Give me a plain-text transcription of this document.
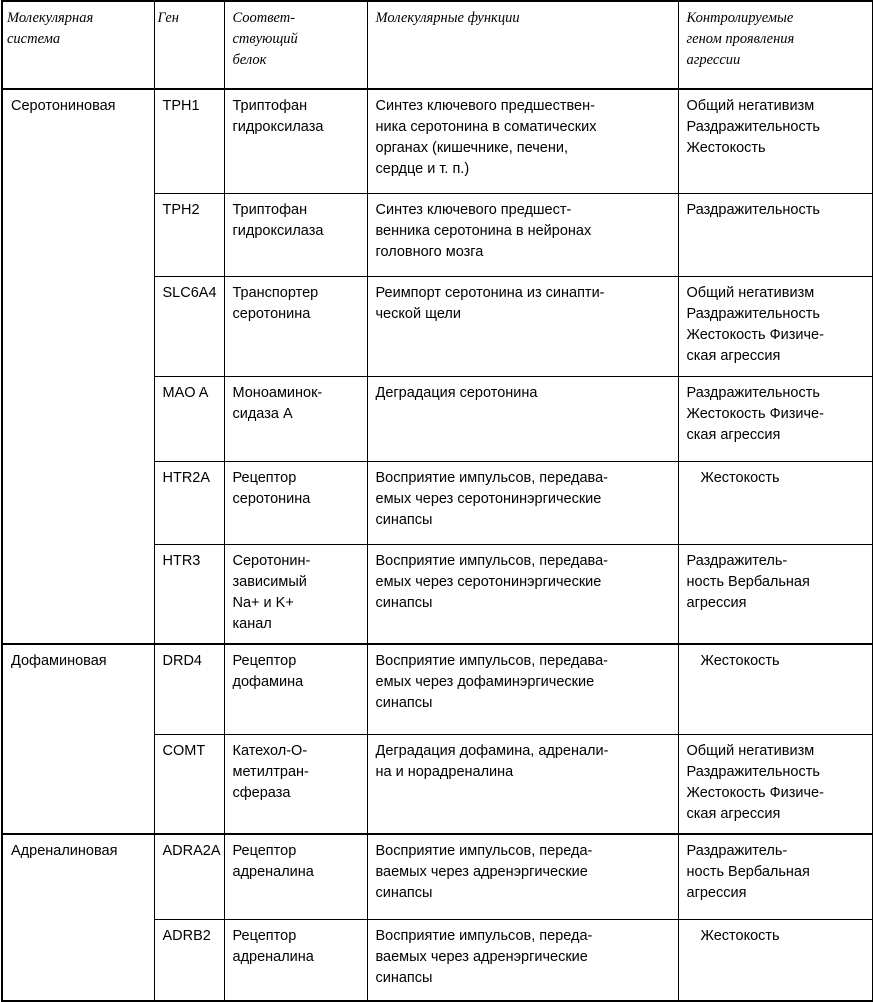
Молекулярная
система	Ген	Соответ-
ствующий
белок	Молекулярные функции	Контролируемые
геном проявления
агрессии

Серотониновая	TPH1	Триптофан
гидроксилаза	Синтез ключевого предшествен-
ника серотонина в соматических
органах (кишечнике, печени,
сердце и т. п.)	Общий негативизм
Раздражительность
Жестокость

	TPH2	Триптофан
гидроксилаза	Синтез ключевого предшест-
венника серотонина в нейронах
головного мозга	Раздражительность

	SLC6A4	Транспортер
серотонина	Реимпорт серотонина из синапти-
ческой щели	Общий негативизм
Раздражительность
Жестокость Физиче-
ская агрессия

	MAO A	Моноаминок-
сидаза А	Деградация серотонина	Раздражительность
Жестокость Физиче-
ская агрессия

	HTR2A	Рецептор
серотонина	Восприятие импульсов, передава-
емых через серотонинэргические
синапсы	Жестокость

	HTR3	Серотонин-
зависимый
Na+ и K+
канал	Восприятие импульсов, передава-
емых через серотонинэргические
синапсы	Раздражитель-
ность Вербальная
агрессия

Дофаминовая	DRD4	Рецептор
дофамина	Восприятие импульсов, передава-
емых через дофаминэргические
синапсы	Жестокость

	COMT	Катехол-О-
метилтран-
сфераза	Деградация дофамина, адренали-
на и норадреналина	Общий негативизм
Раздражительность
Жестокость Физиче-
ская агрессия

Адреналиновая	ADRA2A	Рецептор
адреналина	Восприятие импульсов, переда-
ваемых через адренэргические
синапсы	Раздражитель-
ность Вербальная
агрессия

	ADRB2	Рецептор
адреналина	Восприятие импульсов, переда-
ваемых через адренэргические
синапсы	Жестокость
